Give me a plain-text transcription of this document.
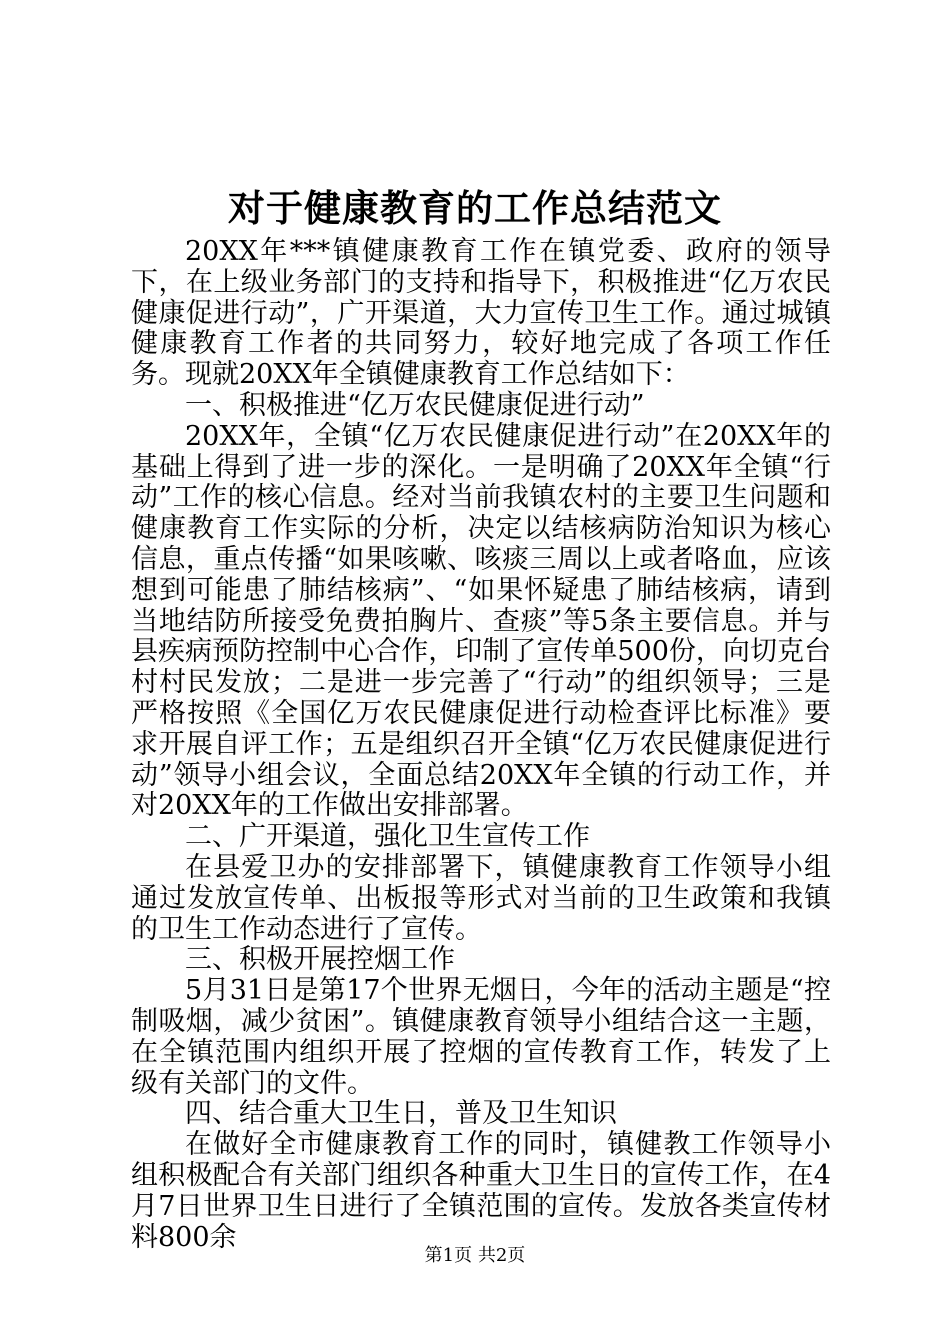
对于健康教育的工作总结范文

20XX年***镇健康教育工作在镇党委、政府的领导下，在上级业务部门的支持和指导下，积极推进“亿万农民健康促进行动”，广开渠道，大力宣传卫生工作。通过城镇健康教育工作者的共同努力，较好地完成了各项工作任务。现就20XX年全镇健康教育工作总结如下：

一、积极推进“亿万农民健康促进行动”

20XX年，全镇“亿万农民健康促进行动”在20XX年的基础上得到了进一步的深化。一是明确了20XX年全镇“行动”工作的核心信息。经对当前我镇农村的主要卫生问题和健康教育工作实际的分析，决定以结核病防治知识为核心信息，重点传播“如果咳嗽、咳痰三周以上或者咯血，应该想到可能患了肺结核病”、“如果怀疑患了肺结核病，请到当地结防所接受免费拍胸片、查痰”等5条主要信息。并与县疾病预防控制中心合作，印制了宣传单500份，向切克台村村民发放；二是进一步完善了“行动”的组织领导；三是严格按照《全国亿万农民健康促进行动检查评比标准》要求开展自评工作；五是组织召开全镇“亿万农民健康促进行动”领导小组会议，全面总结20XX年全镇的行动工作，并对20XX年的工作做出安排部署。

二、广开渠道，强化卫生宣传工作

在县爱卫办的安排部署下，镇健康教育工作领导小组通过发放宣传单、出板报等形式对当前的卫生政策和我镇的卫生工作动态进行了宣传。

三、积极开展控烟工作

5月31日是第17个世界无烟日，今年的活动主题是“控制吸烟，减少贫困”。镇健康教育领导小组结合这一主题，在全镇范围内组织开展了控烟的宣传教育工作，转发了上级有关部门的文件。

四、结合重大卫生日，普及卫生知识

在做好全市健康教育工作的同时，镇健教工作领导小组积极配合有关部门组织各种重大卫生日的宣传工作，在4月7日世界卫生日进行了全镇范围的宣传。发放各类宣传材料800余

第1页 共2页
